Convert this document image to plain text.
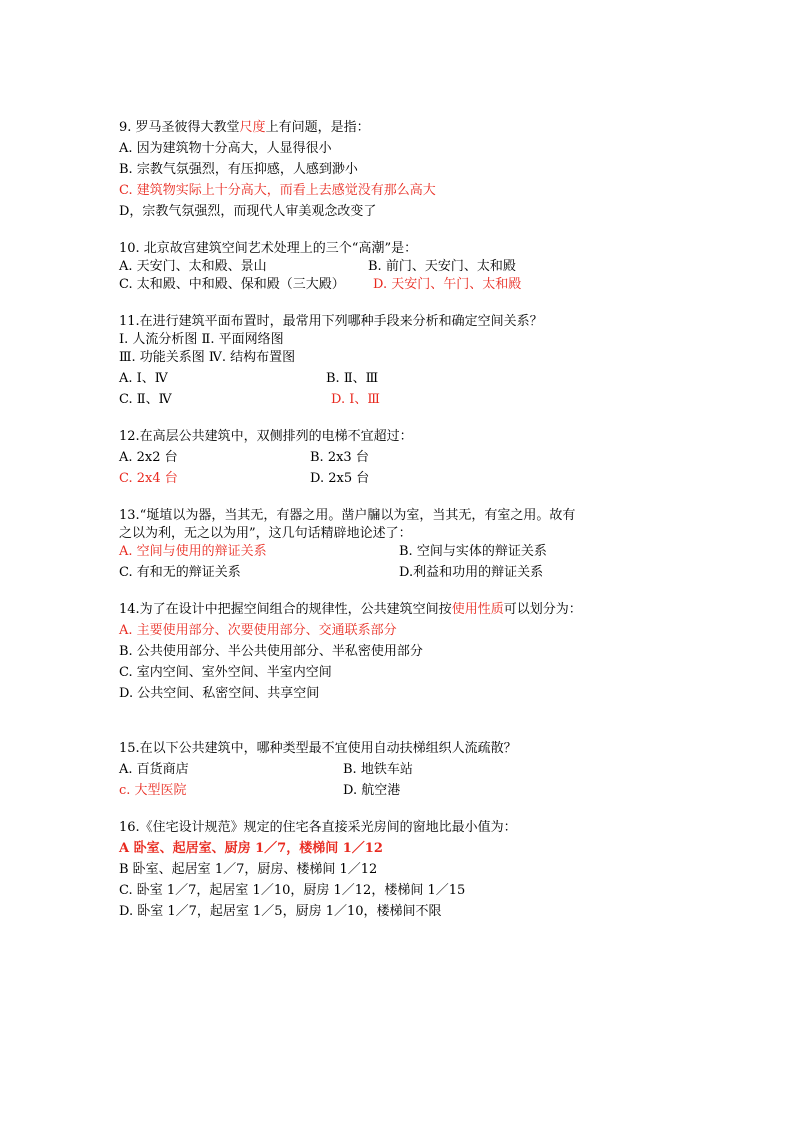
9. 罗马圣彼得大教堂尺度上有问题，是指：
A. 因为建筑物十分高大，人显得很小
B. 宗教气氛强烈，有压抑感，人感到渺小
C. 建筑物实际上十分高大，而看上去感觉没有那么高大
D，宗教气氛强烈，而现代人审美观念改变了
10. 北京故宫建筑空间艺术处理上的三个“高潮”是：
A. 天安门、太和殿、景山	B. 前门、天安门、太和殿
C. 太和殿、中和殿、保和殿（三大殿） D. 天安门、午门、太和殿
11.在进行建筑平面布置时，最常用下列哪种手段来分析和确定空间关系？
Ⅰ. 人流分析图 Ⅱ. 平面网络图
Ⅲ. 功能关系图 Ⅳ. 结构布置图
A. Ⅰ、Ⅳ	B. Ⅱ、Ⅲ
C. Ⅱ、Ⅳ	D. Ⅰ、Ⅲ
12.在高层公共建筑中，双侧排列的电梯不宜超过：
A. 2x2 台	B. 2x3 台
C. 2x4 台	D. 2x5 台
13.“埏埴以为器，当其无，有器之用。凿户牖以为室，当其无，有室之用。故有
之以为利，无之以为用”，这几句话精辟地论述了：
A. 空间与使用的辩证关系	B. 空间与实体的辩证关系
C. 有和无的辩证关系	D.利益和功用的辩证关系
14.为了在设计中把握空间组合的规律性，公共建筑空间按使用性质可以划分为：
A. 主要使用部分、次要使用部分、交通联系部分
B. 公共使用部分、半公共使用部分、半私密使用部分
C. 室内空间、室外空间、半室内空间
D. 公共空间、私密空间、共享空间
15.在以下公共建筑中，哪种类型最不宜使用自动扶梯组织人流疏散？
A. 百货商店	B. 地铁车站
c. 大型医院	D. 航空港
16.《住宅设计规范》规定的住宅各直接采光房间的窗地比最小值为：
A 卧室、起居室、厨房 1／7，楼梯间 1／12
B 卧室、起居室 1／7，厨房、楼梯间 1／12
C. 卧室 1／7，起居室 1／10，厨房 1／12，楼梯间 1／15
D. 卧室 1／7，起居室 1／5，厨房 1／10，楼梯间不限
